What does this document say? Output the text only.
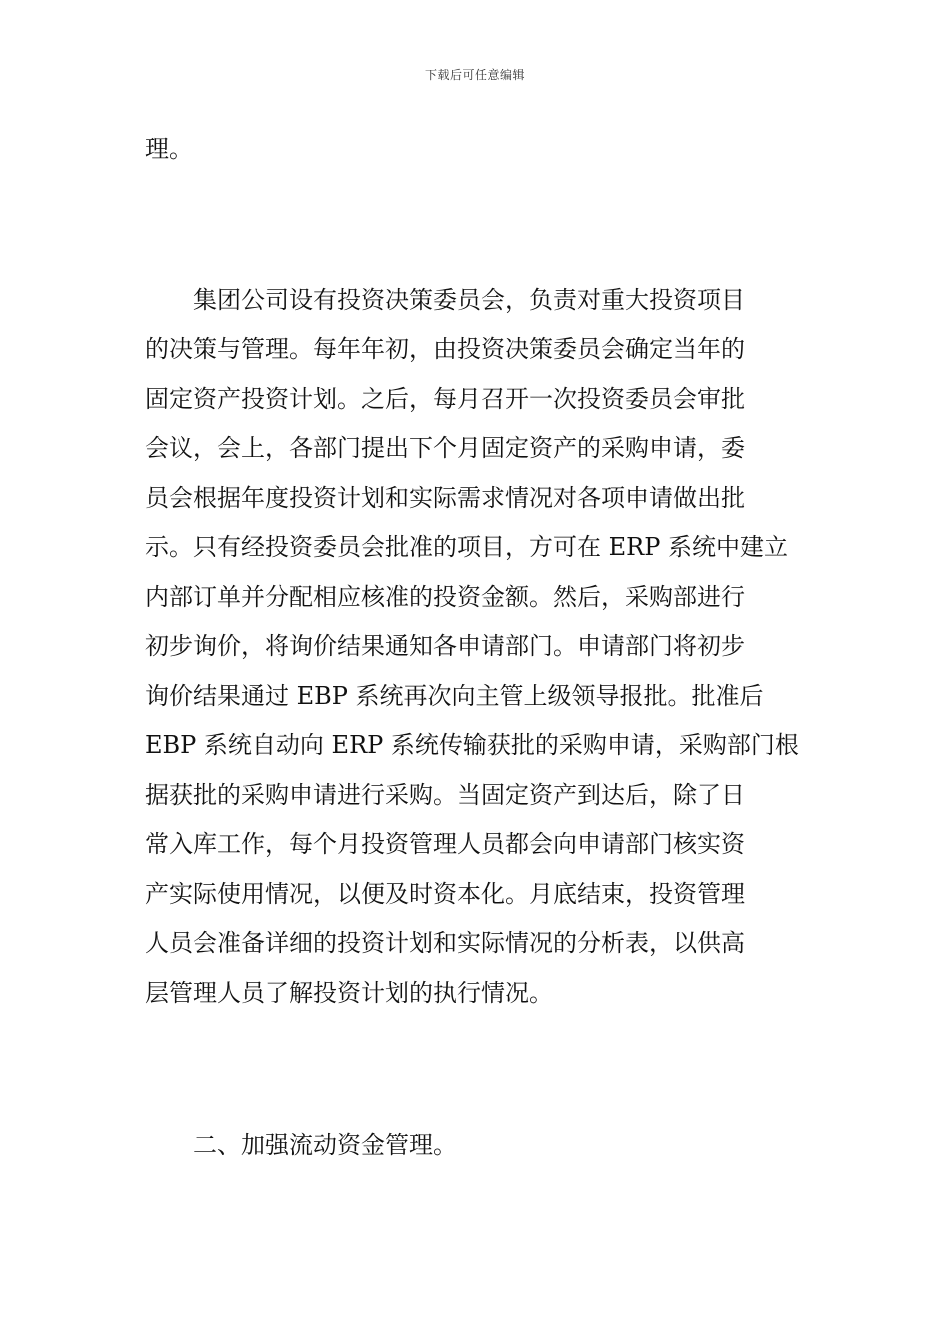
下载后可任意编辑
理。
集团公司设有投资决策委员会，负责对重大投资项目
的决策与管理。每年年初，由投资决策委员会确定当年的
固定资产投资计划。之后，每月召开一次投资委员会审批
会议，会上，各部门提出下个月固定资产的采购申请，委
员会根据年度投资计划和实际需求情况对各项申请做出批
示。只有经投资委员会批准的项目，方可在 ERP 系统中建立
内部订单并分配相应核准的投资金额。然后，采购部进行
初步询价，将询价结果通知各申请部门。申请部门将初步
询价结果通过 EBP 系统再次向主管上级领导报批。批准后
EBP 系统自动向 ERP 系统传输获批的采购申请，采购部门根
据获批的采购申请进行采购。当固定资产到达后，除了日
常入库工作，每个月投资管理人员都会向申请部门核实资
产实际使用情况，以便及时资本化。月底结束，投资管理
人员会准备详细的投资计划和实际情况的分析表，以供高
层管理人员了解投资计划的执行情况。
二、加强流动资金管理。
